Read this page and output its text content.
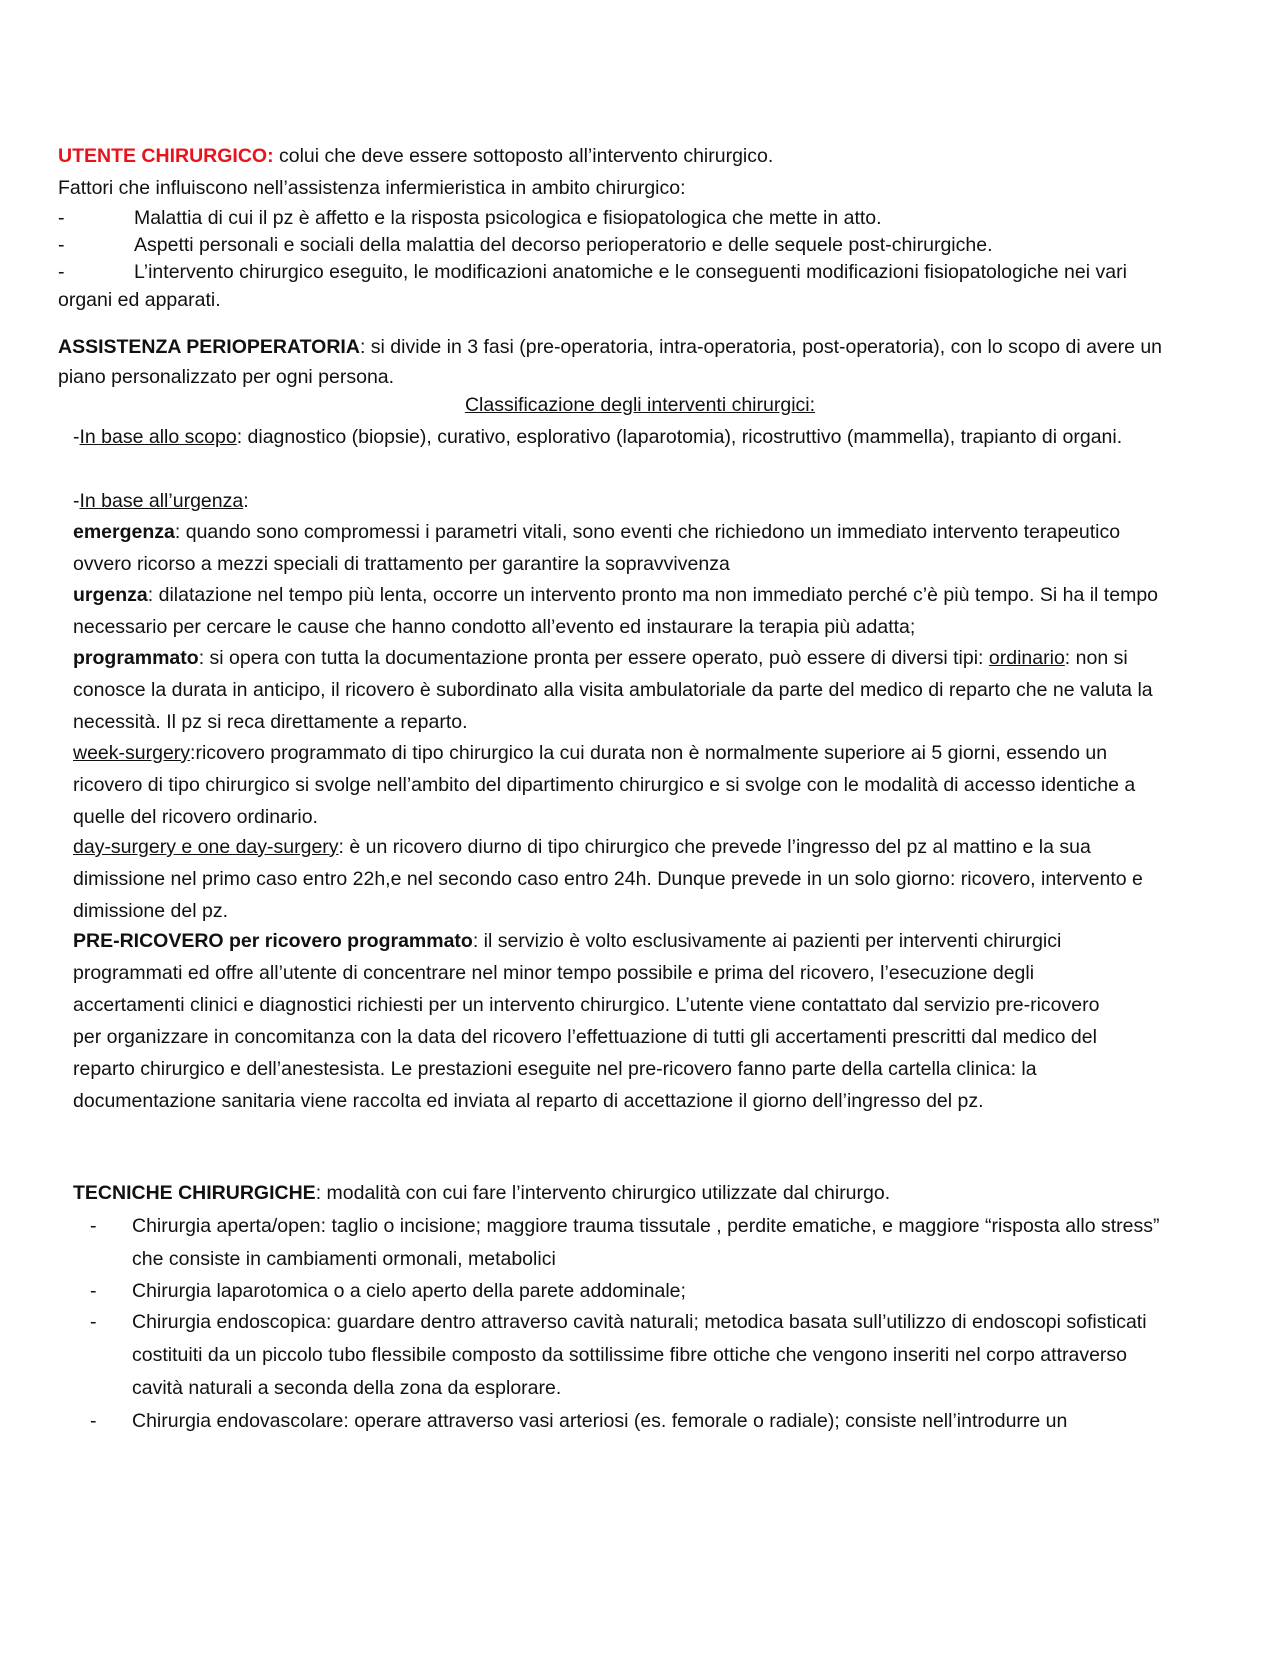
UTENTE CHIRURGICO: colui che deve essere sottoposto all’intervento chirurgico.
Fattori che influiscono nell’assistenza infermieristica in ambito chirurgico:
-	Malattia di cui il pz è affetto e la risposta psicologica e fisiopatologica che mette in atto.
-	Aspetti personali e sociali della malattia del decorso perioperatorio e delle sequele post-chirurgiche.
-	L’intervento chirurgico eseguito, le modificazioni anatomiche e le conseguenti modificazioni fisiopatologiche nei vari organi ed apparati.
ASSISTENZA PERIOPERATORIA: si divide in 3 fasi (pre-operatoria, intra-operatoria, post-operatoria), con lo scopo di avere un piano personalizzato per ogni persona.
Classificazione degli interventi chirurgici:
-In base allo scopo: diagnostico (biopsie), curativo, esplorativo (laparotomia), ricostruttivo (mammella), trapianto di organi.
-In base all’urgenza:
emergenza: quando sono compromessi i parametri vitali, sono eventi che richiedono un immediato intervento terapeutico ovvero ricorso a mezzi speciali di trattamento per garantire la sopravvivenza
urgenza: dilatazione nel tempo più lenta, occorre un intervento pronto ma non immediato perché c’è più tempo. Si ha il tempo necessario per cercare le cause che hanno condotto all’evento ed instaurare la terapia più adatta;
programmato: si opera con tutta la documentazione pronta per essere operato, può essere di diversi tipi: ordinario: non si conosce la durata in anticipo, il ricovero è subordinato alla visita ambulatoriale da parte del medico di reparto che ne valuta la necessità. Il pz si reca direttamente a reparto.
week-surgery:ricovero programmato di tipo chirurgico la cui durata non è normalmente superiore ai 5 giorni, essendo un ricovero di tipo chirurgico si svolge nell’ambito del dipartimento chirurgico e si svolge con le modalità di accesso identiche a quelle del ricovero ordinario.
day-surgery e one day-surgery: è un ricovero diurno di tipo chirurgico che prevede l’ingresso del pz al mattino e la sua dimissione nel primo caso entro 22h,e nel secondo caso entro 24h. Dunque prevede in un solo giorno: ricovero, intervento e dimissione del pz.
PRE-RICOVERO per ricovero programmato: il servizio è volto esclusivamente ai pazienti per interventi chirurgici programmati ed offre all’utente di concentrare nel minor tempo possibile e prima del ricovero, l’esecuzione degli accertamenti clinici e diagnostici richiesti per un intervento chirurgico. L’utente viene contattato dal servizio pre-ricovero per organizzare in concomitanza con la data del ricovero l’effettuazione di tutti gli accertamenti prescritti dal medico del reparto chirurgico e dell’anestesista. Le prestazioni eseguite nel pre-ricovero fanno parte della cartella clinica: la documentazione sanitaria viene raccolta ed inviata al reparto di accettazione il giorno dell’ingresso del pz.
TECNICHE CHIRURGICHE: modalità con cui fare l’intervento chirurgico utilizzate dal chirurgo.
-	Chirurgia aperta/open: taglio o incisione; maggiore trauma tissutale , perdite ematiche, e maggiore “risposta allo stress” che consiste in cambiamenti ormonali, metabolici
-	Chirurgia laparotomica o a cielo aperto della parete addominale;
-	Chirurgia endoscopica: guardare dentro attraverso cavità naturali; metodica basata sull’utilizzo di endoscopi sofisticati costituiti da un piccolo tubo flessibile composto da sottilissime fibre ottiche che vengono inseriti nel corpo attraverso cavità naturali a seconda della zona da esplorare.
-	Chirurgia endovascolare: operare attraverso vasi arteriosi (es. femorale o radiale); consiste nell’introdurre un
